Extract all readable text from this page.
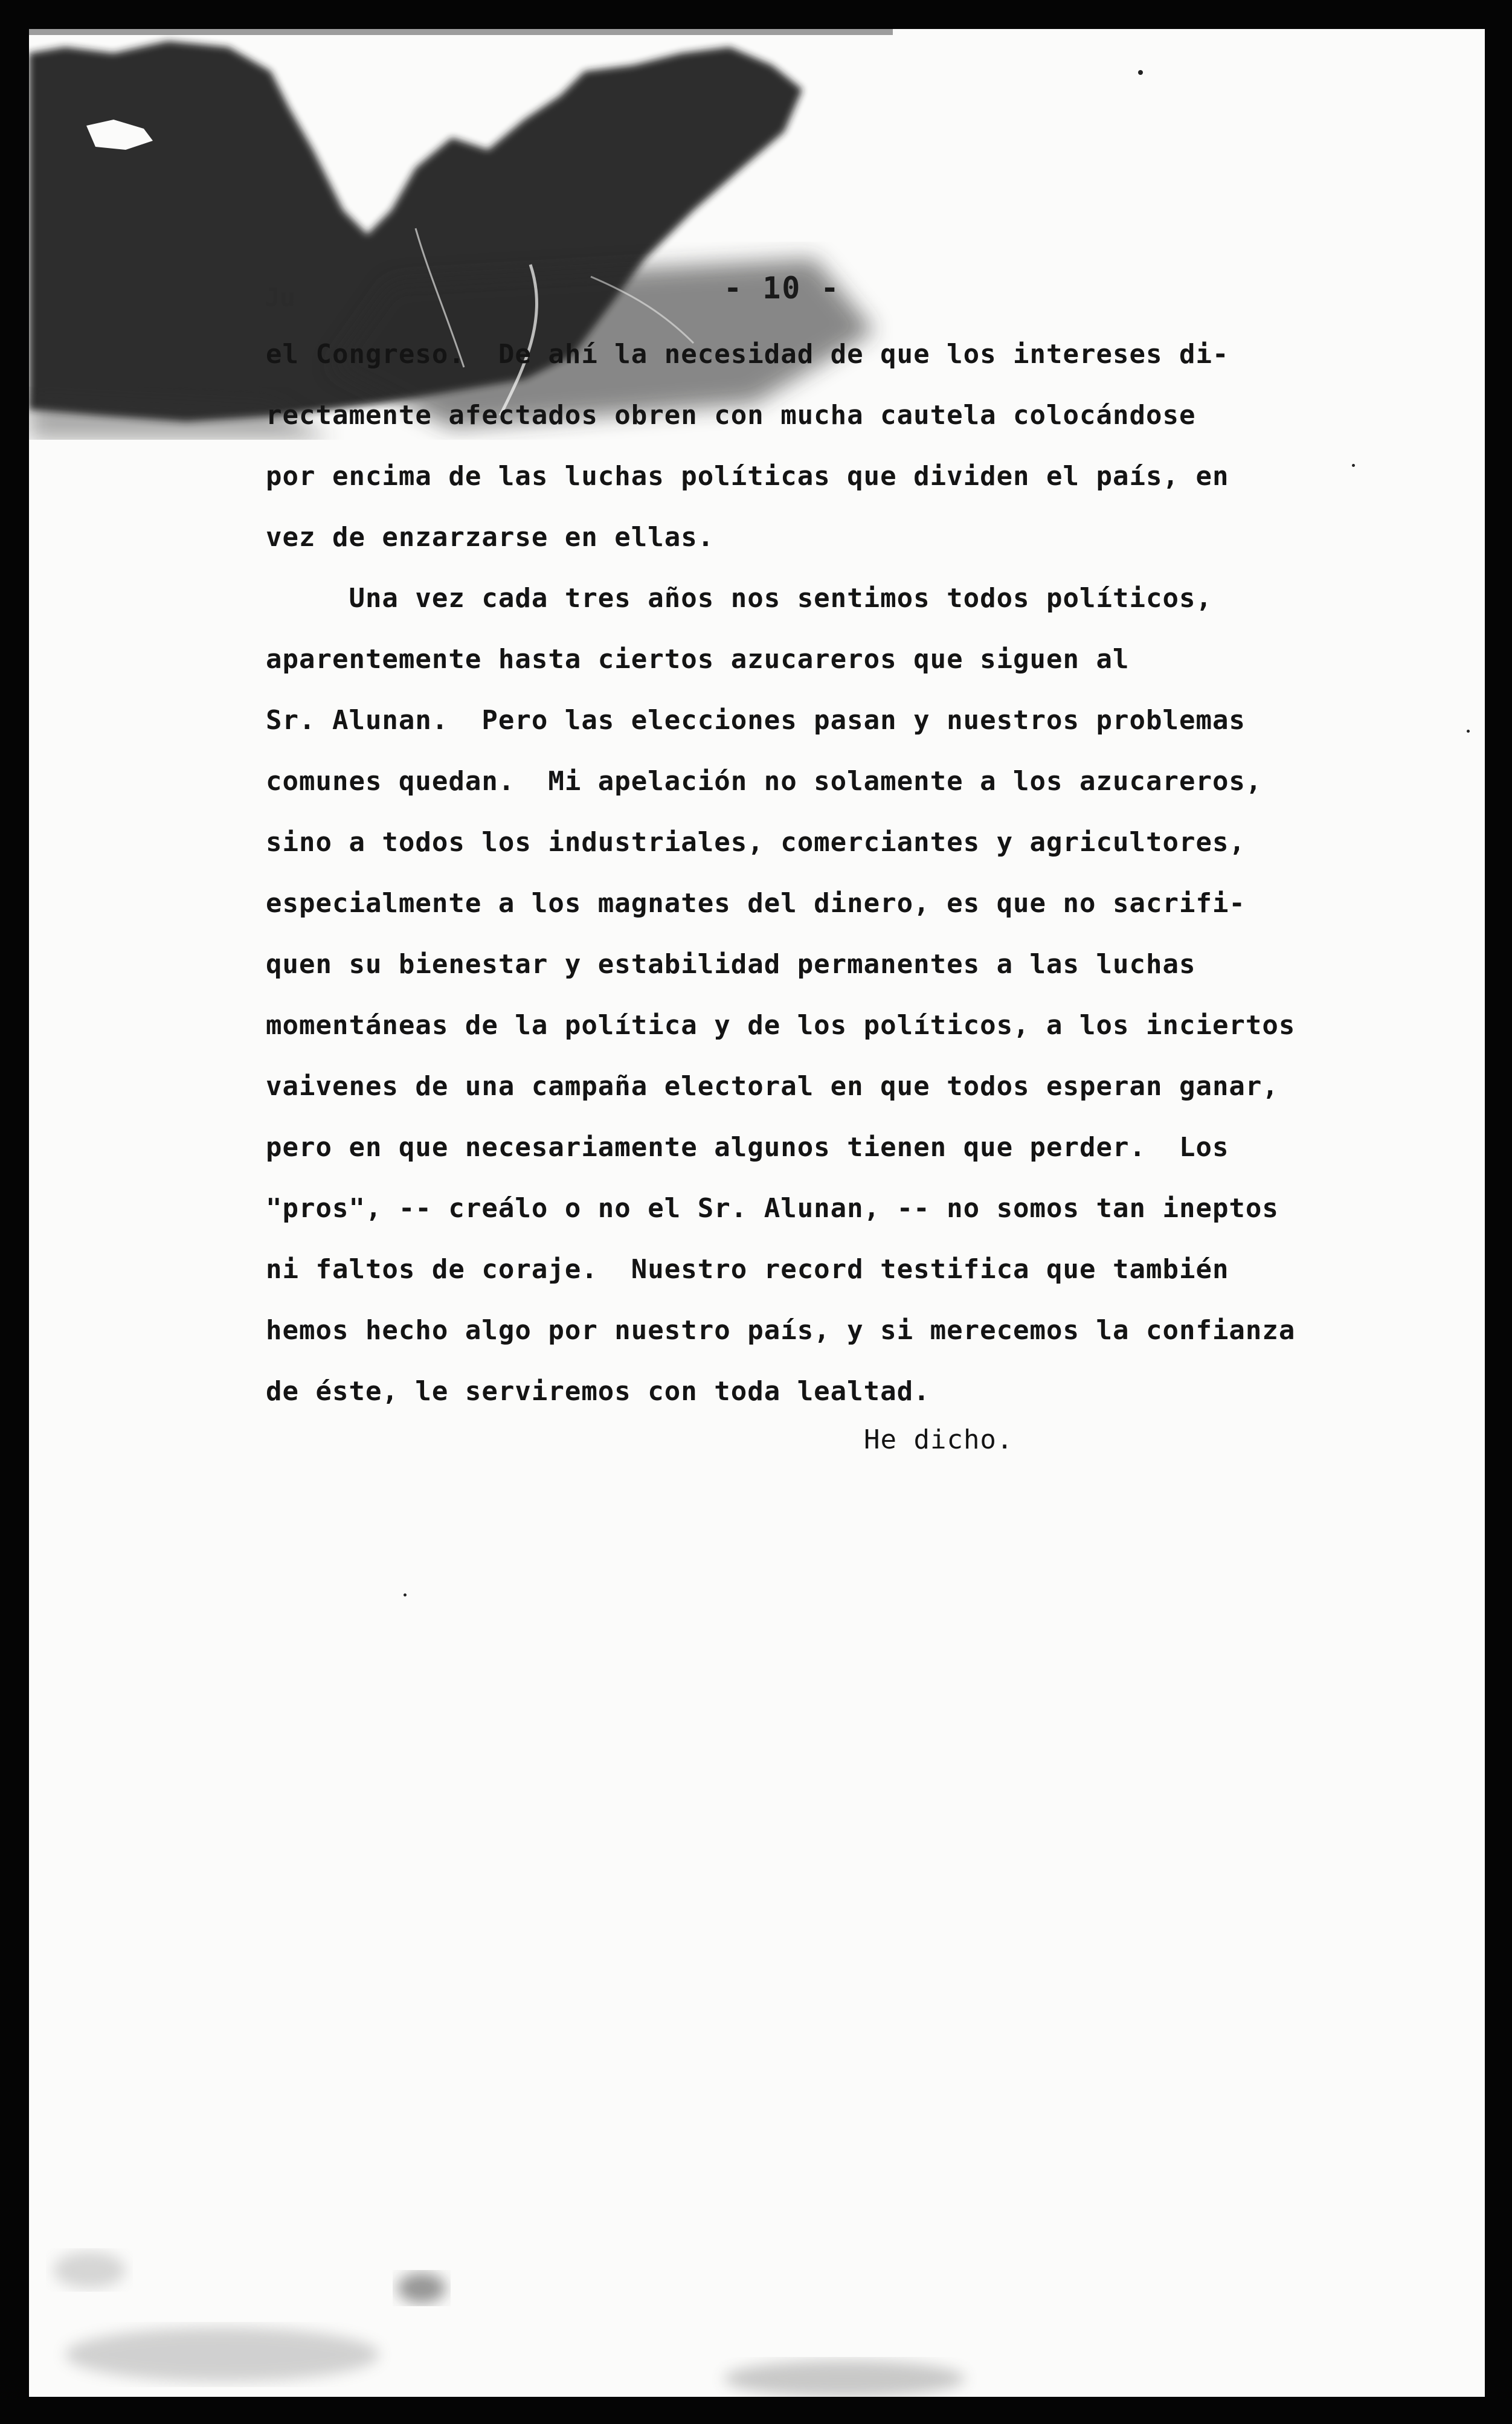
Ju	- 10 -
el Congreso.  De ahí la necesidad de que los intereses di-
rectamente afectados obren con mucha cautela colocándose
por encima de las luchas políticas que dividen el país, en
vez de enzarzarse en ellas.
Una vez cada tres años nos sentimos todos políticos,
aparentemente hasta ciertos azucareros que siguen al
Sr. Alunan.  Pero las elecciones pasan y nuestros problemas
comunes quedan.  Mi apelación no solamente a los azucareros,
sino a todos los industriales, comerciantes y agricultores,
especialmente a los magnates del dinero, es que no sacrifi-
quen su bienestar y estabilidad permanentes a las luchas
momentáneas de la política y de los políticos, a los inciertos
vaivenes de una campaña electoral en que todos esperan ganar,
pero en que necesariamente algunos tienen que perder.  Los
"pros", -- creálo o no el Sr. Alunan, -- no somos tan ineptos
ni faltos de coraje.  Nuestro record testifica que también
hemos hecho algo por nuestro país, y si merecemos la confianza
de éste, le serviremos con toda lealtad.
He dicho.
